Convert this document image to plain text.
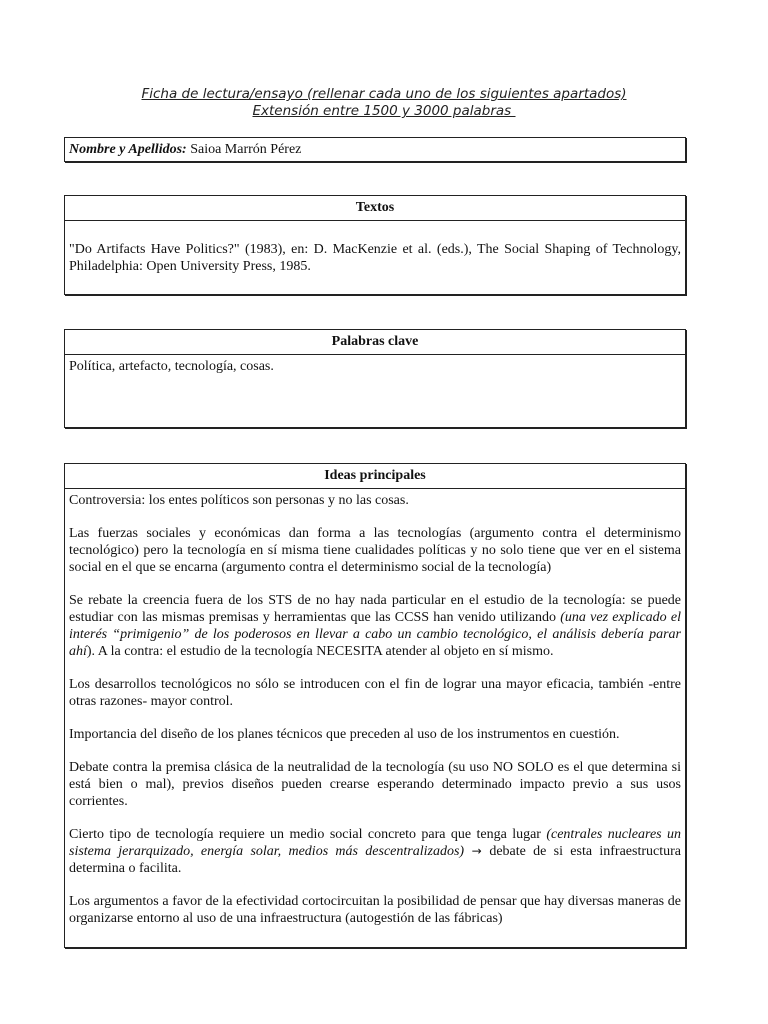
Ficha de lectura/ensayo (rellenar cada uno de los siguientes apartados)
Extensión entre 1500 y 3000 palabras
Nombre y Apellidos: Saioa Marrón Pérez
Textos
"Do Artifacts Have Politics?" (1983), en: D. MacKenzie et al. (eds.), The Social Shaping of Technology, Philadelphia: Open University Press, 1985.
Palabras clave
Política, artefacto, tecnología, cosas.
Ideas principales

Controversia: los entes políticos son personas y no las cosas.

Las fuerzas sociales y económicas dan forma a las tecnologías (argumento contra el determinismo tecnológico) pero la tecnología en sí misma tiene cualidades políticas y no solo tiene que ver en el sistema social en el que se encarna (argumento contra el determinismo social de la tecnología)

Se rebate la creencia fuera de los STS de no hay nada particular en el estudio de la tecnología: se puede estudiar con las mismas premisas y herramientas que las CCSS han venido utilizando (una vez explicado el interés “primigenio” de los poderosos en llevar a cabo un cambio tecnológico, el análisis debería parar ahí). A la contra: el estudio de la tecnología NECESITA atender al objeto en sí mismo.

Los desarrollos tecnológicos no sólo se introducen con el fin de lograr una mayor eficacia, también -entre otras razones- mayor control.

Importancia del diseño de los planes técnicos que preceden al uso de los instrumentos en cuestión.

Debate contra la premisa clásica de la neutralidad de la tecnología (su uso NO SOLO es el que determina si está bien o mal), previos diseños pueden crearse esperando determinado impacto previo a sus usos corrientes.

Cierto tipo de tecnología requiere un medio social concreto para que tenga lugar (centrales nucleares un sistema jerarquizado, energía solar, medios más descentralizados) → debate de si esta infraestructura determina o facilita.

Los argumentos a favor de la efectividad cortocircuitan la posibilidad de pensar que hay diversas maneras de organizarse entorno al uso de una infraestructura (autogestión de las fábricas)
